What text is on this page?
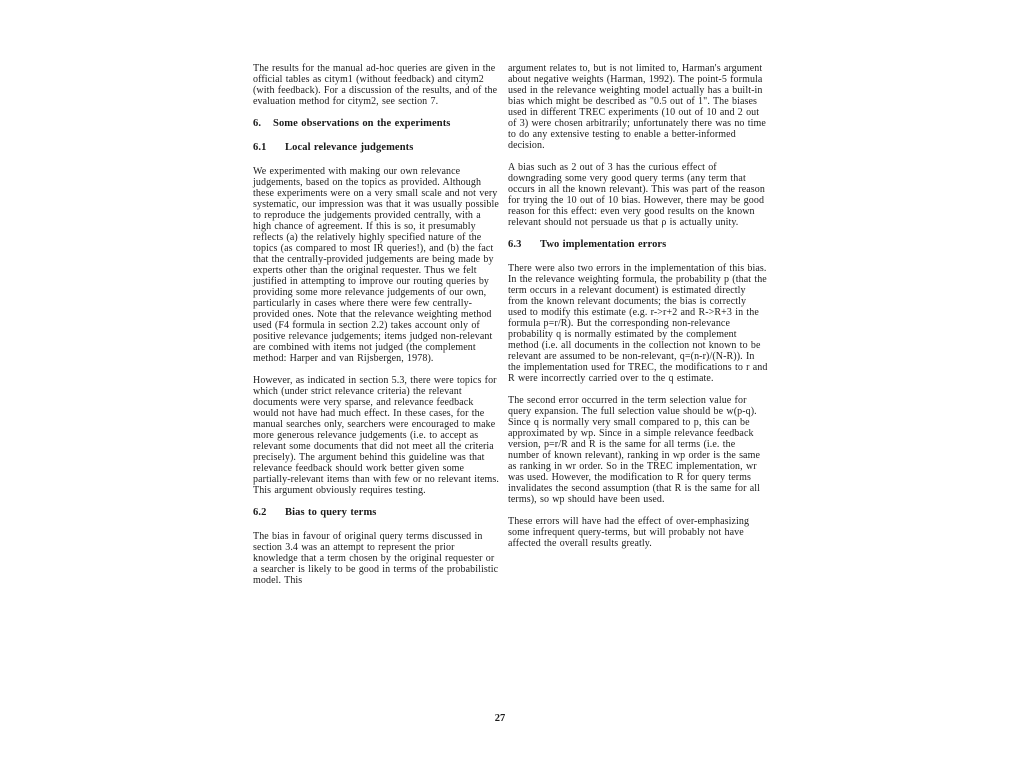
The results for the manual ad-hoc queries are given in the official tables as citym1 (without feedback) and citym2 (with feedback). For a discussion of the results, and of the evaluation method for citym2, see section 7.

6. Some observations on the experiments
6.1 Local relevance judgements

We experimented with making our own relevance judgements, based on the topics as provided. Although these experiments were on a very small scale and not very systematic, our impression was that it was usually possible to reproduce the judgements provided centrally, with a high chance of agreement. If this is so, it presumably reflects (a) the relatively highly specified nature of the topics (as compared to most IR queries!), and (b) the fact that the centrally-provided judgements are being made by experts other than the original requester. Thus we felt justified in attempting to improve our routing queries by providing some more relevance judgements of our own, particularly in cases where there were few centrally-provided ones. Note that the relevance weighting method used (F4 formula in section 2.2) takes account only of positive relevance judgements; items judged non-relevant are combined with items not judged (the complement method: Harper and van Rijsbergen, 1978).

However, as indicated in section 5.3, there were topics for which (under strict relevance criteria) the relevant documents were very sparse, and relevance feedback would not have had much effect. In these cases, for the manual searches only, searchers were encouraged to make more generous relevance judgements (i.e. to accept as relevant some documents that did not meet all the criteria precisely). The argument behind this guideline was that relevance feedback should work better given some partially-relevant items than with few or no relevant items. This argument obviously requires testing.

6.2 Bias to query terms

The bias in favour of original query terms discussed in section 3.4 was an attempt to represent the prior knowledge that a term chosen by the original requester or a searcher is likely to be good in terms of the probabilistic model. This

argument relates to, but is not limited to, Harman's argument about negative weights (Harman, 1992). The point-5 formula used in the relevance weighting model actually has a built-in bias which might be described as "0.5 out of 1". The biases used in different TREC experiments (10 out of 10 and 2 out of 3) were chosen arbitrarily; unfortunately there was no time to do any extensive testing to enable a better-informed decision.

A bias such as 2 out of 3 has the curious effect of downgrading some very good query terms (any term that occurs in all the known relevant). This was part of the reason for trying the 10 out of 10 bias. However, there may be good reason for this effect: even very good results on the known relevant should not persuade us that ρ is actually unity.

6.3 Two implementation errors

There were also two errors in the implementation of this bias. In the relevance weighting formula, the probability p (that the term occurs in a relevant document) is estimated directly from the known relevant documents; the bias is correctly used to modify this estimate (e.g. r->r+2 and R->R+3 in the formula p=r/R). But the corresponding non-relevance probability q is normally estimated by the complement method (i.e. all documents in the collection not known to be relevant are assumed to be non-relevant, q=(n-r)/(N-R)). In the implementation used for TREC, the modifications to r and R were incorrectly carried over to the q estimate.

The second error occurred in the term selection value for query expansion. The full selection value should be w(p-q). Since q is normally very small compared to p, this can be approximated by wp. Since in a simple relevance feedback version, p=r/R and R is the same for all terms (i.e. the number of known relevant), ranking in wp order is the same as ranking in wr order. So in the TREC implementation, wr was used. However, the modification to R for query terms invalidates the second assumption (that R is the same for all terms), so wp should have been used.

These errors will have had the effect of over-emphasizing some infrequent query-terms, but will probably not have affected the overall results greatly.

27
